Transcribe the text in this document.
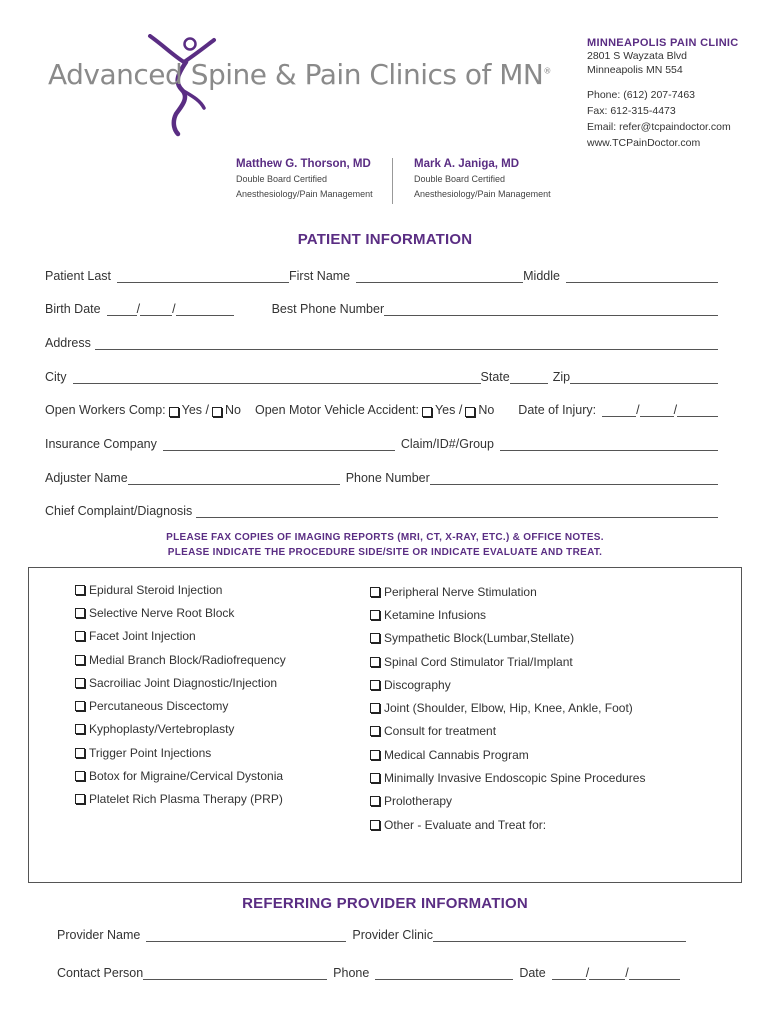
Advanced Spine & Pain Clinics of MN®
MINNEAPOLIS PAIN CLINIC
2801 S Wayzata Blvd
Minneapolis MN 554
Phone: (612) 207-7463
Fax: 612-315-4473
Email: refer@tcpaindoctor.com
www.TCPainDoctor.com
Matthew G. Thorson, MD
Double Board Certified
Anesthesiology/Pain Management
Mark A. Janiga, MD
Double Board Certified
Anesthesiology/Pain Management
PATIENT INFORMATION
Patient Last	First Name	Middle
Birth Date	/	/	Best Phone Number
Address
City	State	Zip
Open Workers Comp: Yes / No Open Motor Vehicle Accident: Yes / No Date of Injury:	/	/
Insurance Company	Claim/ID#/Group
Adjuster Name	Phone Number
Chief Complaint/Diagnosis
PLEASE FAX COPIES OF IMAGING REPORTS (MRI, CT, X-RAY, ETC.) & OFFICE NOTES.
PLEASE INDICATE THE PROCEDURE SIDE/SITE OR INDICATE EVALUATE AND TREAT.
Epidural Steroid Injection
Selective Nerve Root Block
Facet Joint Injection
Medial Branch Block/Radiofrequency
Sacroiliac Joint Diagnostic/Injection
Percutaneous Discectomy
Kyphoplasty/Vertebroplasty
Trigger Point Injections
Botox for Migraine/Cervical Dystonia
Platelet Rich Plasma Therapy (PRP)
Peripheral Nerve Stimulation
Ketamine Infusions
Sympathetic Block(Lumbar,Stellate)
Spinal Cord Stimulator Trial/Implant
Discography
Joint (Shoulder, Elbow, Hip, Knee, Ankle, Foot)
Consult for treatment
Medical Cannabis Program
Minimally Invasive Endoscopic Spine Procedures
Prolotherapy
Other - Evaluate and Treat for:
REFERRING PROVIDER INFORMATION
Provider Name	Provider Clinic
Contact Person	Phone	Date	/	/
